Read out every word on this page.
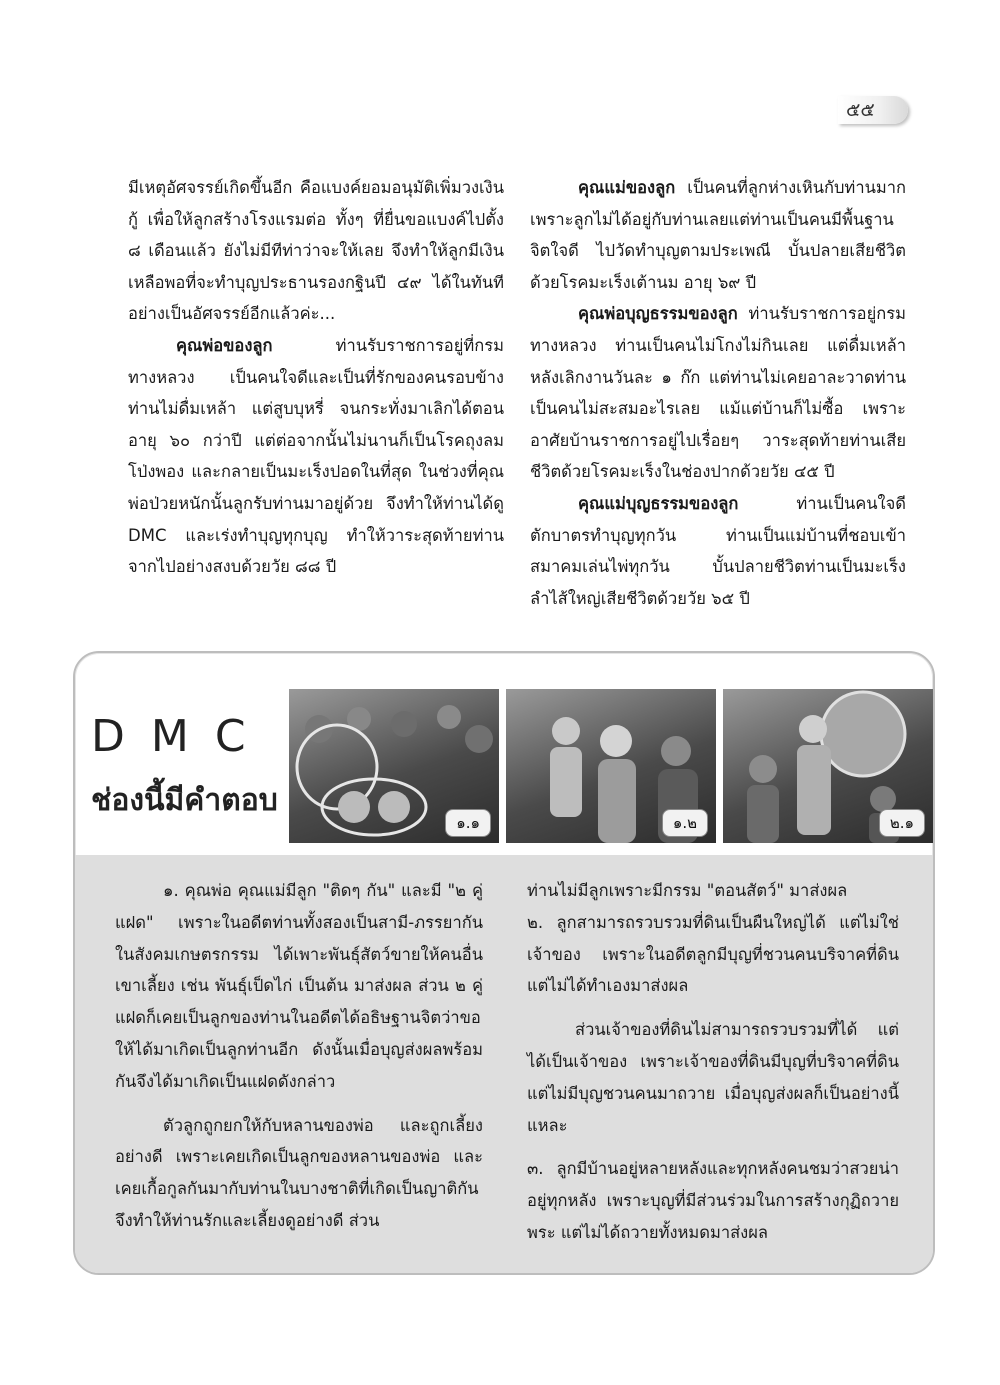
๕๕

มีเหตุอัศจรรย์เกิดขึ้นอีก คือแบงค์ยอมอนุมัติเพิ่มวงเงินกู้ เพื่อให้ลูกสร้างโรงแรมต่อ ทั้งๆ ที่ยื่นขอแบงค์ไปตั้ง ๘ เดือนแล้ว ยังไม่มีทีท่าว่าจะให้เลย จึงทำให้ลูกมีเงินเหลือพอที่จะทำบุญประธานรองกฐินปี ๔๙ ได้ในทันทีอย่างเป็นอัศจรรย์อีกแล้วค่ะ...

คุณพ่อของลูก ท่านรับราชการอยู่ที่กรมทางหลวง เป็นคนใจดีและเป็นที่รักของคนรอบข้าง ท่านไม่ดื่มเหล้า แต่สูบบุหรี่ จนกระทั่งมาเลิกได้ตอนอายุ ๖๐ กว่าปี แต่ต่อจากนั้นไม่นานก็เป็นโรคถุงลมโป่งพอง และกลายเป็นมะเร็งปอดในที่สุด ในช่วงที่คุณพ่อป่วยหนักนั้นลูกรับท่านมาอยู่ด้วย จึงทำให้ท่านได้ดู DMC และเร่งทำบุญทุกบุญ ทำให้วาระสุดท้ายท่านจากไปอย่างสงบด้วยวัย ๘๘ ปี

คุณแม่ของลูก เป็นคนที่ลูกห่างเหินกับท่านมาก เพราะลูกไม่ได้อยู่กับท่านเลยแต่ท่านเป็นคนมีพื้นฐานจิตใจดี ไปวัดทำบุญตามประเพณี บั้นปลายเสียชีวิตด้วยโรคมะเร็งเต้านม อายุ ๖๙ ปี

คุณพ่อบุญธรรมของลูก ท่านรับราชการอยู่กรมทางหลวง ท่านเป็นคนไม่โกงไม่กินเลย แต่ดื่มเหล้าหลังเลิกงานวันละ ๑ ก๊ก แต่ท่านไม่เคยอาละวาดท่านเป็นคนไม่สะสมอะไรเลย แม้แต่บ้านก็ไม่ซื้อ เพราะอาศัยบ้านราชการอยู่ไปเรื่อยๆ วาระสุดท้ายท่านเสียชีวิตด้วยโรคมะเร็งในช่องปากด้วยวัย ๔๕ ปี

คุณแม่บุญธรรมของลูก ท่านเป็นคนใจดีตักบาตรทำบุญทุกวัน ท่านเป็นแม่บ้านที่ชอบเข้าสมาคมเล่นไพ่ทุกวัน บั้นปลายชีวิตท่านเป็นมะเร็งลำไส้ใหญ่เสียชีวิตด้วยวัย ๖๕ ปี

DMC
ช่องนี้มีคำตอบ
๑.๑	๑.๒	๒.๑

๑. คุณพ่อ คุณแม่มีลูก "ติดๆ กัน" และมี "๒ คู่แฝด" เพราะในอดีตท่านทั้งสองเป็นสามี-ภรรยากันในสังคมเกษตรกรรม ได้เพาะพันธุ์สัตว์ขายให้คนอื่นเขาเลี้ยง เช่น พันธุ์เป็ดไก่ เป็นต้น มาส่งผล ส่วน ๒ คู่แฝดก็เคยเป็นลูกของท่านในอดีตได้อธิษฐานจิตว่าขอให้ได้มาเกิดเป็นลูกท่านอีก ดังนั้นเมื่อบุญส่งผลพร้อมกันจึงได้มาเกิดเป็นแฝดดังกล่าว

ตัวลูกถูกยกให้กับหลานของพ่อ และถูกเลี้ยงอย่างดี เพราะเคยเกิดเป็นลูกของหลานของพ่อ และเคยเกื้อกูลกันมากับท่านในบางชาติที่เกิดเป็นญาติกัน จึงทำให้ท่านรักและเลี้ยงดูอย่างดี ส่วน

ท่านไม่มีลูกเพราะมีกรรม "ตอนสัตว์" มาส่งผล

๒. ลูกสามารถรวบรวมที่ดินเป็นผืนใหญ่ได้ แต่ไม่ใช่เจ้าของ เพราะในอดีตลูกมีบุญที่ชวนคนบริจาคที่ดิน แต่ไม่ได้ทำเองมาส่งผล

ส่วนเจ้าของที่ดินไม่สามารถรวบรวมที่ได้ แต่ได้เป็นเจ้าของ เพราะเจ้าของที่ดินมีบุญที่บริจาคที่ดิน แต่ไม่มีบุญชวนคนมาถวาย เมื่อบุญส่งผลก็เป็นอย่างนี้แหละ

๓. ลูกมีบ้านอยู่หลายหลังและทุกหลังคนชมว่าสวยน่าอยู่ทุกหลัง เพราะบุญที่มีส่วนร่วมในการสร้างกุฏิถวายพระ แต่ไม่ได้ถวายทั้งหมดมาส่งผล
